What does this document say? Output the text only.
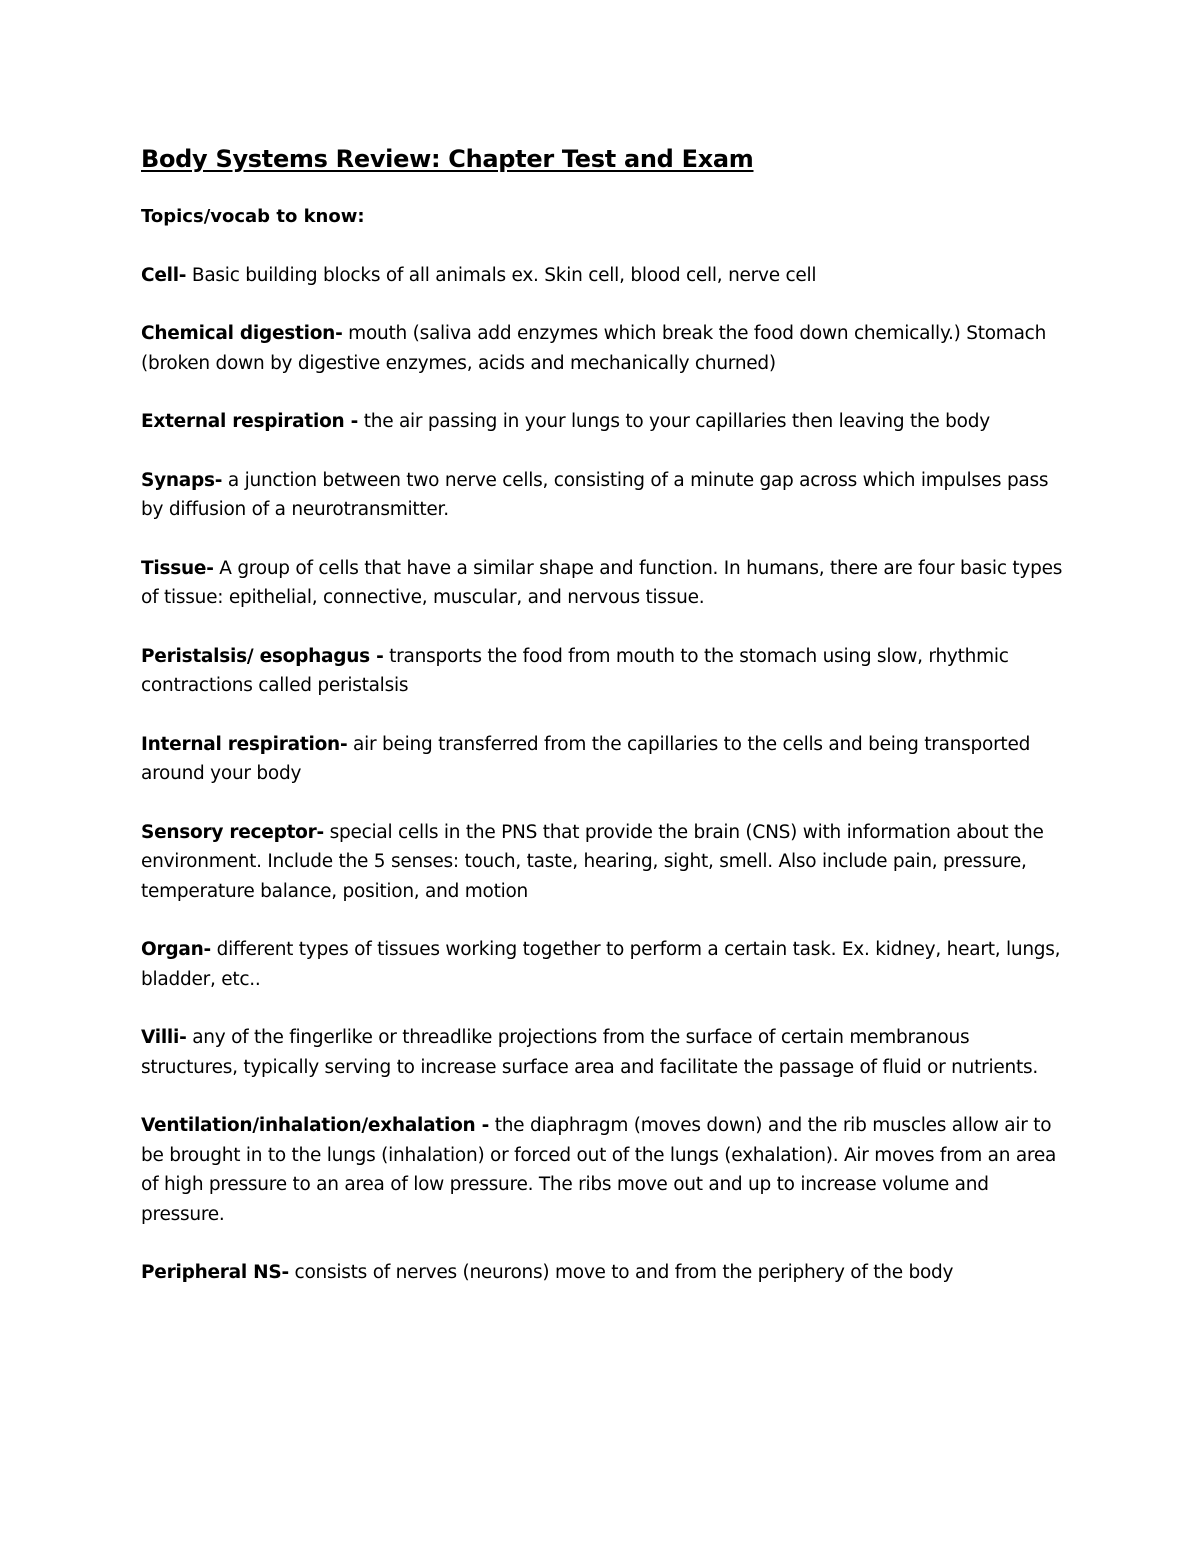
Body Systems Review: Chapter Test and Exam

Topics/vocab to know:

Cell- Basic building blocks of all animals ex. Skin cell, blood cell, nerve cell

Chemical digestion- mouth (saliva add enzymes which break the food down chemically.) Stomach (broken down by digestive enzymes, acids and mechanically churned)

External respiration - the air passing in your lungs to your capillaries then leaving the body

Synaps- a junction between two nerve cells, consisting of a minute gap across which impulses pass by diffusion of a neurotransmitter.

Tissue- A group of cells that have a similar shape and function. In humans, there are four basic types of tissue: epithelial, connective, muscular, and nervous tissue.

Peristalsis/ esophagus - transports the food from mouth to the stomach using slow, rhythmic contractions called peristalsis

Internal respiration- air being transferred from the capillaries to the cells and being transported around your body

Sensory receptor- special cells in the PNS that provide the brain (CNS) with information about the environment. Include the 5 senses: touch, taste, hearing, sight, smell. Also include pain, pressure, temperature balance, position, and motion

Organ- different types of tissues working together to perform a certain task. Ex. kidney, heart, lungs, bladder, etc..

Villi- any of the fingerlike or threadlike projections from the surface of certain membranous structures, typically serving to increase surface area and facilitate the passage of fluid or nutrients.

Ventilation/inhalation/exhalation - the diaphragm (moves down) and the rib muscles allow air to be brought in to the lungs (inhalation) or forced out of the lungs (exhalation). Air moves from an area of high pressure to an area of low pressure. The ribs move out and up to increase volume and pressure.

Peripheral NS- consists of nerves (neurons) move to and from the periphery of the body
